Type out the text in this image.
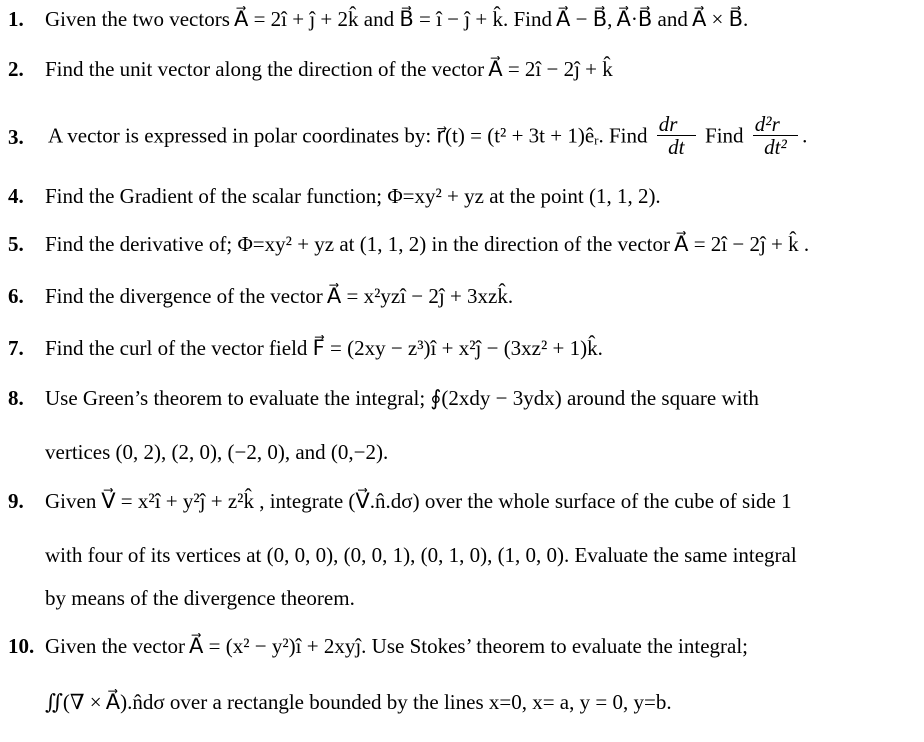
1. Given the two vectors A⃗ = 2î + ĵ + 2k̂ and B⃗ = î − ĵ + k̂. Find A⃗ − B⃗, A⃗·B⃗ and A⃗ × B⃗.
2. Find the unit vector along the direction of the vector A⃗ = 2î − 2ĵ + k̂
3. A vector is expressed in polar coordinates by: r⃗(t) = $(t^2 + 3t + 1)ê_r$. Find $\frac{dr⃗}{dt}$ Find $\frac{\text{d²r⃗}}{\text{dt²}}$ .
4. Find the Gradient of the scalar function; Φ=xy² + yz at the point (1, 1, 2).
5. Find the derivative of; Φ=xy² + yz at (1, 1, 2) in the direction of the vector A⃗ = 2î − 2ĵ + k̂ .
6. Find the divergence of the vector A⃗ = x²yzî − 2ĵ + 3xzk̂.
7. Find the curl of the vector field F⃗ = (2xy − z³)î + x²ĵ − (3xz² + 1)k̂.
8. Use Green’s theorem to evaluate the integral; ∮(2xdy − 3ydx) around the square with
vertices (0, 2), (2, 0), (−2, 0), and (0,−2).
9. Given V⃗ = x²î + y²ĵ + z²k̂ , integrate (V⃗.n̂.dσ) over the whole surface of the cube of side 1
with four of its vertices at (0, 0, 0), (0, 0, 1), (0, 1, 0), (1, 0, 0). Evaluate the same integral
by means of the divergence theorem.
10. Given the vector A⃗ = (x² − y²)î + 2xyĵ. Use Stokes’ theorem to evaluate the integral;
∬(∇ × A⃗).n̂dσ over a rectangle bounded by the lines x=0, x= a, y = 0, y=b.
